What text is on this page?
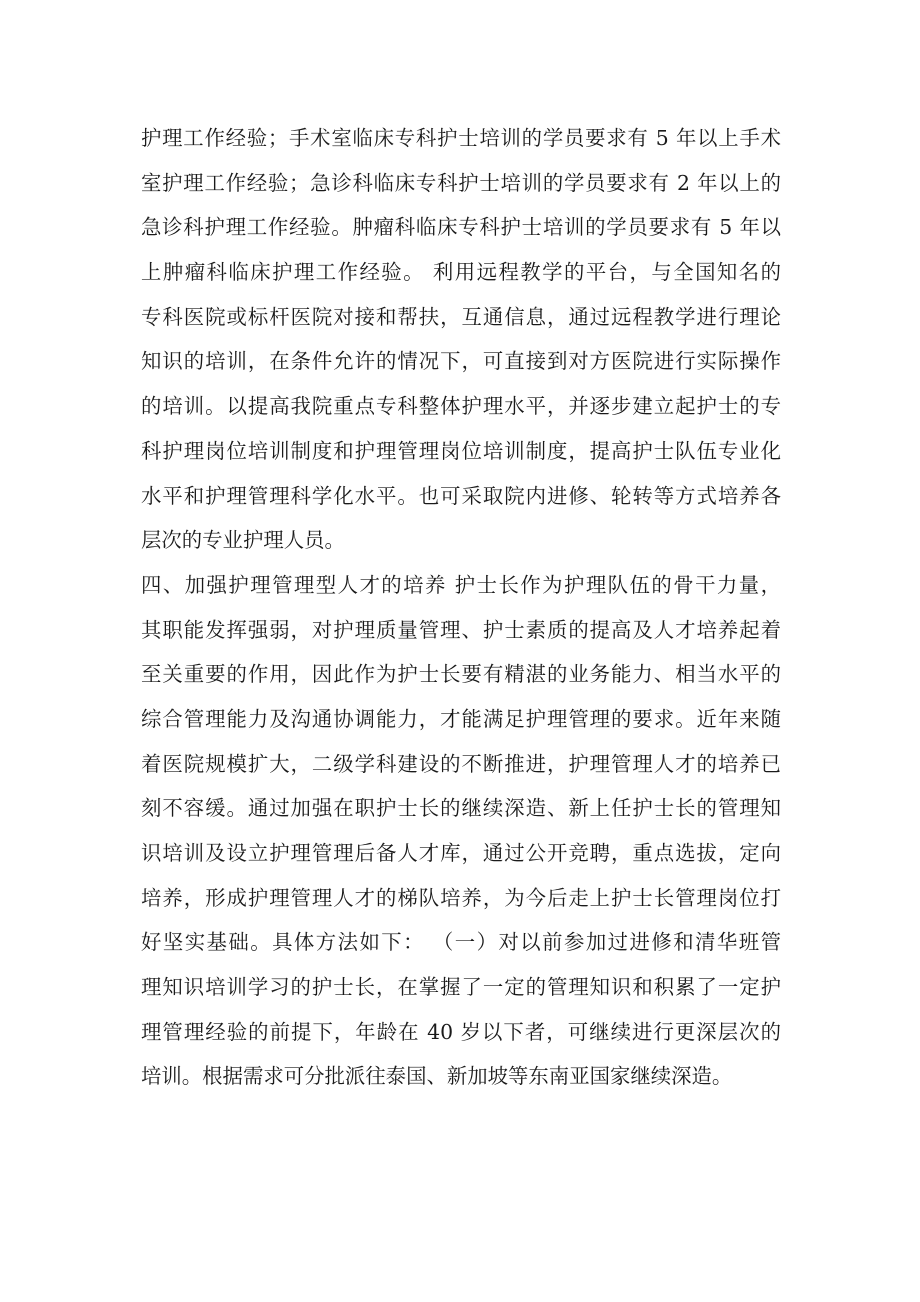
护理工作经验；手术室临床专科护士培训的学员要求有 5 年以上手术
室护理工作经验；急诊科临床专科护士培训的学员要求有 2 年以上的
急诊科护理工作经验。肿瘤科临床专科护士培训的学员要求有 5 年以
上肿瘤科临床护理工作经验。 利用远程教学的平台，与全国知名的
专科医院或标杆医院对接和帮扶，互通信息，通过远程教学进行理论
知识的培训，在条件允许的情况下，可直接到对方医院进行实际操作
的培训。以提高我院重点专科整体护理水平，并逐步建立起护士的专
科护理岗位培训制度和护理管理岗位培训制度，提高护士队伍专业化
水平和护理管理科学化水平。也可采取院内进修、轮转等方式培养各
层次的专业护理人员。
四、加强护理管理型人才的培养 护士长作为护理队伍的骨干力量，
其职能发挥强弱，对护理质量管理、护士素质的提高及人才培养起着
至关重要的作用，因此作为护士长要有精湛的业务能力、相当水平的
综合管理能力及沟通协调能力，才能满足护理管理的要求。近年来随
着医院规模扩大，二级学科建设的不断推进，护理管理人才的培养已
刻不容缓。通过加强在职护士长的继续深造、新上任护士长的管理知
识培训及设立护理管理后备人才库，通过公开竞聘，重点选拔，定向
培养，形成护理管理人才的梯队培养，为今后走上护士长管理岗位打
好坚实基础。具体方法如下： （一）对以前参加过进修和清华班管
理知识培训学习的护士长，在掌握了一定的管理知识和积累了一定护
理管理经验的前提下，年龄在 40 岁以下者，可继续进行更深层次的
培训。根据需求可分批派往泰国、新加坡等东南亚国家继续深造。
